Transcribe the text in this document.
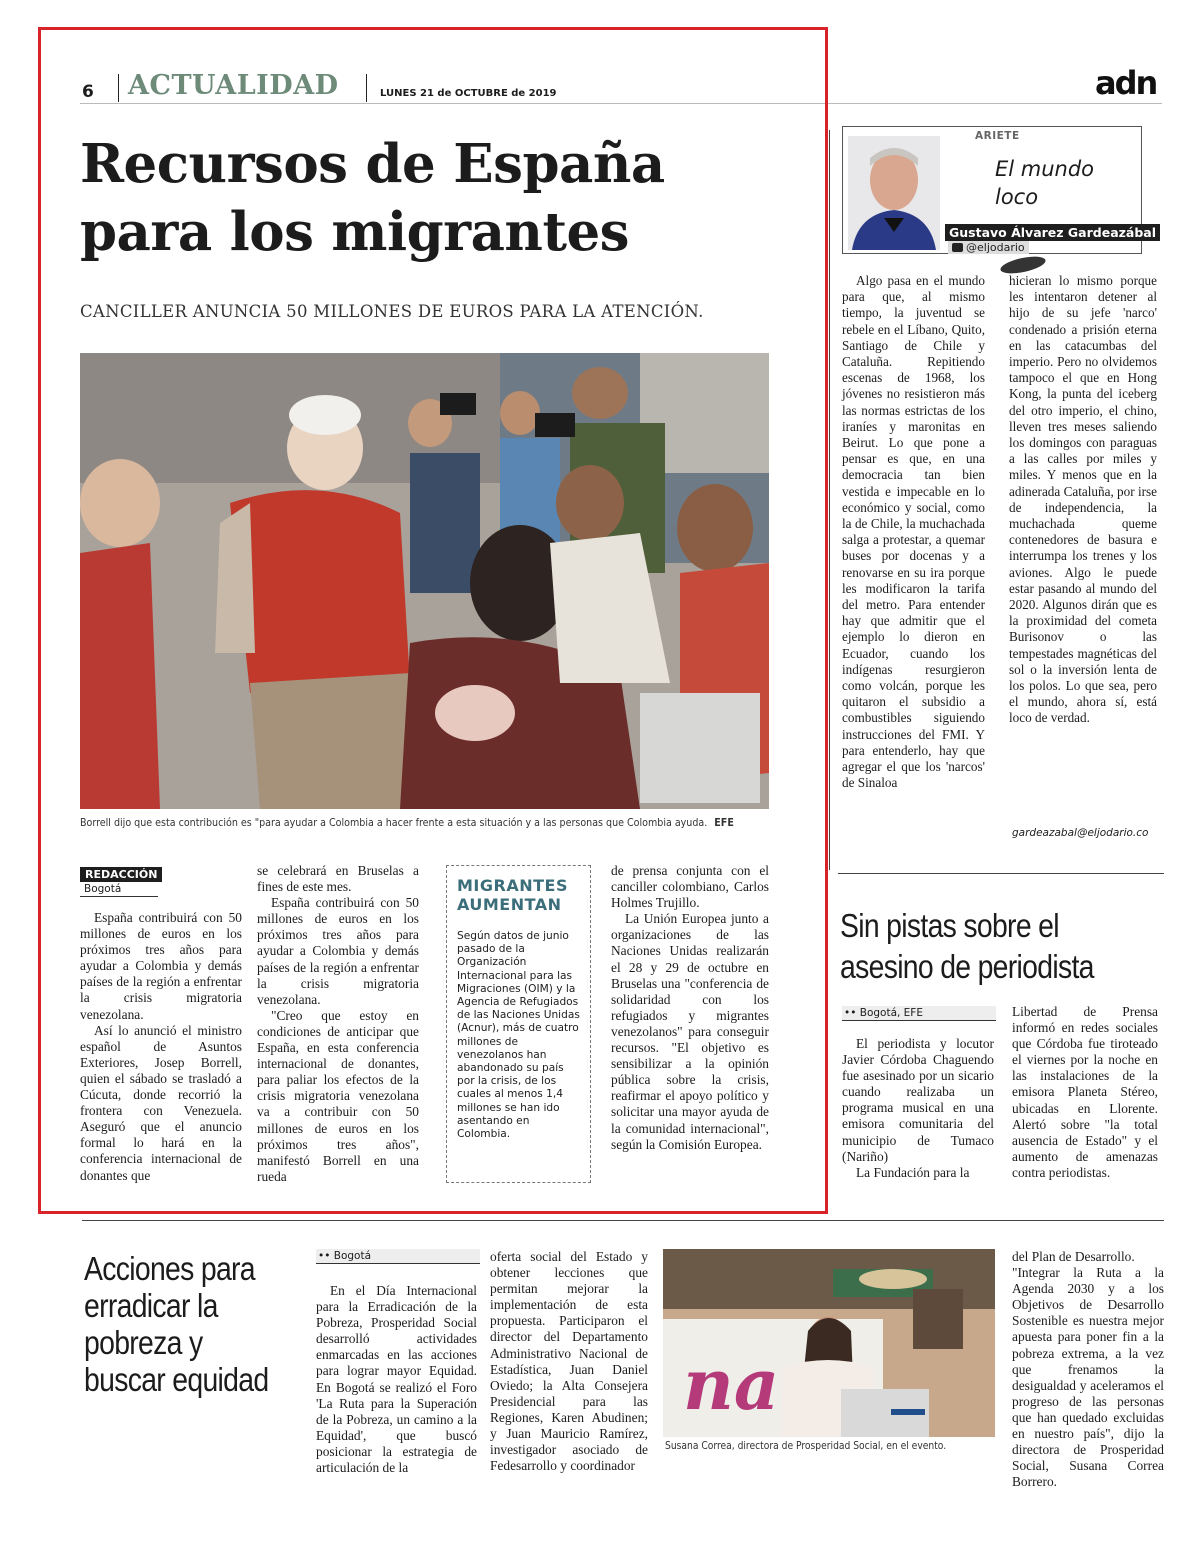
6 ACTUALIDAD	LUNES 21 de OCTUBRE de 2019	adn
Recursos de España
para los migrantes
CANCILLER ANUNCIA 50 MILLONES DE EUROS PARA LA ATENCIÓN.
Borrell dijo que esta contribución es "para ayudar a Colombia a hacer frente a esta situación y a las personas que Colombia ayuda. EFE
REDACCIÓN
Bogotá

España contribuirá con 50 millones de euros en los próximos tres años para ayudar a Colombia y demás países de la región a enfrentar la crisis migratoria venezolana.

Así lo anunció el ministro español de Asuntos Exteriores, Josep Borrell, quien el sábado se trasladó a Cúcuta, donde recorrió la frontera con Venezuela. Aseguró que el anuncio formal lo hará en la conferencia internacional de donantes que

se celebrará en Bruselas a fines de este mes.

España contribuirá con 50 millones de euros en los próximos tres años para ayudar a Colombia y demás países de la región a enfrentar la crisis migratoria venezolana.

"Creo que estoy en condiciones de anticipar que España, en esta conferencia internacional de donantes, para paliar los efectos de la crisis migratoria venezolana va a contribuir con 50 millones de euros en los próximos tres años", manifestó Borrell en una rueda

MIGRANTES
AUMENTAN
Según datos de junio pasado de la Organización Internacional para las Migraciones (OIM) y la Agencia de Refugiados de las Naciones Unidas (Acnur), más de cuatro millones de venezolanos han abandonado su país por la crisis, de los cuales al menos 1,4 millones se han ido asentando en Colombia.

de prensa conjunta con el canciller colombiano, Carlos Holmes Trujillo.

La Unión Europea junto a organizaciones de las Naciones Unidas realizarán el 28 y 29 de octubre en Bruselas una "conferencia de solidaridad con los refugiados y migrantes venezolanos" para conseguir recursos. "El objetivo es sensibilizar a la opinión pública sobre la crisis, reafirmar el apoyo político y solicitar una mayor ayuda de la comunidad internacional", según la Comisión Europea.

ARIETE
El mundo
loco
Gustavo Álvarez Gardeazábal
@eljodario

Algo pasa en el mundo para que, al mismo tiempo, la juventud se rebele en el Líbano, Quito, Santiago de Chile y Cataluña. Repitiendo escenas de 1968, los jóvenes no resistieron más las normas estrictas de los iraníes y maronitas en Beirut. Lo que pone a pensar es que, en una democracia tan bien vestida e impecable en lo económico y social, como la de Chile, la muchachada salga a protestar, a quemar buses por docenas y a renovarse en su ira porque les modificaron la tarifa del metro. Para entender hay que admitir que el ejemplo lo dieron en Ecuador, cuando los indígenas resurgieron como volcán, porque les quitaron el subsidio a combustibles siguiendo instrucciones del FMI. Y para entenderlo, hay que agregar el que los 'narcos' de Sinaloa

hicieran lo mismo porque les intentaron detener al hijo de su jefe 'narco' condenado a prisión eterna en las catacumbas del imperio. Pero no olvidemos tampoco el que en Hong Kong, la punta del iceberg del otro imperio, el chino, lleven tres meses saliendo los domingos con paraguas a las calles por miles y miles. Y menos que en la adinerada Cataluña, por irse de independencia, la muchachada queme contenedores de basura e interrumpa los trenes y los aviones. Algo le puede estar pasando al mundo del 2020. Algunos dirán que es la proximidad del cometa Burisonov o las tempestades magnéticas del sol o la inversión lenta de los polos. Lo que sea, pero el mundo, ahora sí, está loco de verdad.

gardeazabal@eljodario.co
Sin pistas sobre el
asesino de periodista
•• Bogotá, EFE

El periodista y locutor Javier Córdoba Chaguendo fue asesinado por un sicario cuando realizaba un programa musical en una emisora comunitaria del municipio de Tumaco (Nariño)

La Fundación para la

Libertad de Prensa informó en redes sociales que Córdoba fue tiroteado el viernes por la noche en las instalaciones de la emisora Planeta Stéreo, ubicadas en Llorente. Alertó sobre "la total ausencia de Estado" y el aumento de amenazas contra periodistas.

Acciones para
erradicar la
pobreza y
buscar equidad
•• Bogotá

En el Día Internacional para la Erradicación de la Pobreza, Prosperidad Social desarrolló actividades enmarcadas en las acciones para lograr mayor Equidad. En Bogotá se realizó el Foro 'La Ruta para la Superación de la Pobreza, un camino a la Equidad', que buscó posicionar la estrategia de articulación de la

oferta social del Estado y obtener lecciones que permitan mejorar la implementación de esta propuesta. Participaron el director del Departamento Administrativo Nacional de Estadística, Juan Daniel Oviedo; la Alta Consejera Presidencial para las Regiones, Karen Abudinen; y Juan Mauricio Ramírez, investigador asociado de Fedesarrollo y coordinador

na
Susana Correa, directora de Prosperidad Social, en el evento.

del Plan de Desarrollo.

"Integrar la Ruta a la Agenda 2030 y a los Objetivos de Desarrollo Sostenible es nuestra mejor apuesta para poner fin a la pobreza extrema, a la vez que frenamos la desigualdad y aceleramos el progreso de las personas que han quedado excluidas en nuestro país", dijo la directora de Prosperidad Social, Susana Correa Borrero.
